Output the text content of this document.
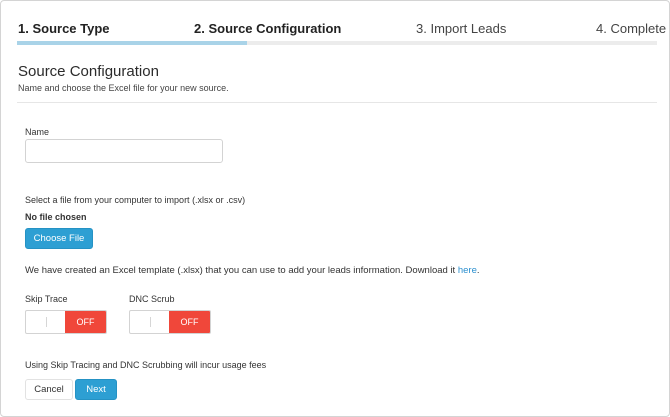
1. Source Type	2. Source Configuration	3. Import Leads	4. Complete
Source Configuration
Name and choose the Excel file for your new source.
Name
Select a file from your computer to import (.xlsx or .csv)
No file chosen
Choose File
We have created an Excel template (.xlsx) that you can use to add your leads information. Download it here.
Skip Trace	DNC Scrub
OFF	OFF
Using Skip Tracing and DNC Scrubbing will incur usage fees
Cancel	Next
